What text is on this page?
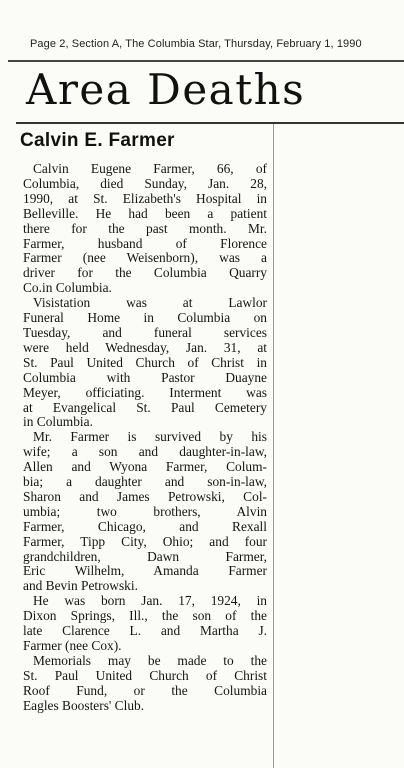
Page 2, Section A, The Columbia Star, Thursday, February 1, 1990
Area Deaths
Calvin E. Farmer

Calvin Eugene Farmer, 66, of
Columbia, died Sunday, Jan. 28,
1990, at St. Elizabeth's Hospital in
Belleville. He had been a patient
there for the past month. Mr.
Farmer, husband of Florence
Farmer (nee Weisenborn), was a
driver for the Columbia Quarry
Co.in Columbia.

Visistation was at Lawlor
Funeral Home in Columbia on
Tuesday, and funeral services
were held Wednesday, Jan. 31, at
St. Paul United Church of Christ in
Columbia with Pastor Duayne
Meyer, officiating. Interment was
at Evangelical St. Paul Cemetery
in Columbia.

Mr. Farmer is survived by his
wife; a son and daughter-in-law,
Allen and Wyona Farmer, Colum-
bia; a daughter and son-in-law,
Sharon and James Petrowski, Col-
umbia; two brothers, Alvin
Farmer, Chicago, and Rexall
Farmer, Tipp City, Ohio; and four
grandchildren, Dawn Farmer,
Eric Wilhelm, Amanda Farmer
and Bevin Petrowski.

He was born Jan. 17, 1924, in
Dixon Springs, Ill., the son of the
late Clarence L. and Martha J.
Farmer (nee Cox).

Memorials may be made to the
St. Paul United Church of Christ
Roof Fund, or the Columbia
Eagles Boosters' Club.
